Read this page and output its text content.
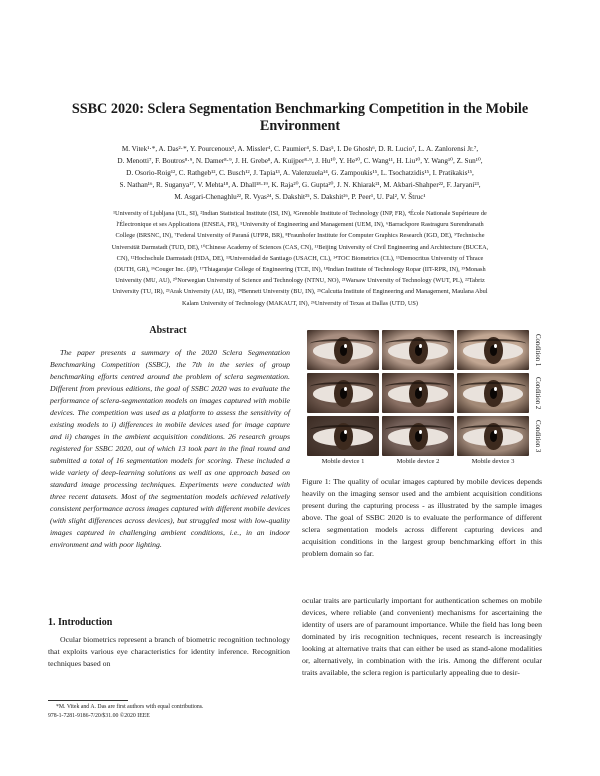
SSBC 2020: Sclera Segmentation Benchmarking Competition in the Mobile
Environment
M. Vitek¹·*, A. Das²·*, Y. Pourcenoux³, A. Missler⁴, C. Paumier⁴, S. Das⁵, I. De Ghosh⁶, D. R. Lucio⁷, L. A. Zanlorensi Jr.⁷,
D. Menotti⁷, F. Boutros⁸·⁹, N. Damer⁸·⁹, J. H. Grebe⁸, A. Kuijper⁸·⁹, J. Hu¹⁰, Y. He¹⁰, C. Wang¹¹, H. Liu¹⁰, Y. Wang¹⁰, Z. Sun¹⁰,
D. Osorio-Roig¹², C. Rathgeb¹², C. Busch¹², J. Tapia¹³, A. Valenzuela¹⁴, G. Zampoukis¹⁵, L. Tsochatzidis¹⁵, I. Pratikakis¹⁵,
S. Nathan¹⁶, R. Suganya¹⁷, V. Mehta¹⁸, A. Dhall¹⁸·¹⁹, K. Raja²⁰, G. Gupta²⁰, J. N. Khiarak²¹, M. Akbari-Shahper²², F. Jaryani²³,
M. Asgari-Chenaghlu²², R. Vyas²⁴, S. Dakshit²⁵, S. Dakshit²⁶, P. Peer¹, U. Pal², V. Štruc¹
¹University of Ljubljana (UL, SI), ²Indian Statistical Institute (ISI, IN), ³Grenoble Institute of Technology (INP, FR), ⁴École Nationale Supérieure de
l'Électronique et ses Applications (ENSEA, FR), ⁵University of Engineering and Management (UEM, IN), ⁶Barrackpore Rastraguru Surendranath
College (BRSNC, IN), ⁷Federal University of Paraná (UFPR, BR), ⁸Fraunhofer Institute for Computer Graphics Research (IGD, DE), ⁹Technische
Universität Darmstadt (TUD, DE), ¹⁰Chinese Academy of Sciences (CAS, CN), ¹¹Beijing University of Civil Engineering and Architecture (BUCEA,
CN), ¹²Hochschule Darmstadt (HDA, DE), ¹³Universidad de Santiago (USACH, CL), ¹⁴TOC Biometrics (CL), ¹⁵Democritus University of Thrace
(DUTH, GR), ¹⁶Couger Inc. (JP), ¹⁷Thiagarajar College of Engineering (TCE, IN), ¹⁸Indian Institute of Technology Ropar (IIT-RPR, IN), ¹⁹Monash
University (MU, AU), ²⁰Norwegian University of Science and Technology (NTNU, NO), ²¹Warsaw University of Technology (WUT, PL), ²²Tabriz
University (TU, IR), ²³Arak University (AU, IR), ²⁴Bennett University (BU, IN), ²⁵Calcutta Institute of Engineering and Management, Maulana Abul
Kalam University of Technology (MAKAUT, IN), ²⁶University of Texas at Dallas (UTD, US)
Abstract
The paper presents a summary of the 2020 Sclera Segmentation Benchmarking Competition (SSBC), the 7th in the series of group benchmarking efforts centred around the problem of sclera segmentation. Different from previous editions, the goal of SSBC 2020 was to evaluate the performance of sclera-segmentation models on images captured with mobile devices. The competition was used as a platform to assess the sensitivity of existing models to i) differences in mobile devices used for image capture and ii) changes in the ambient acquisition conditions. 26 research groups registered for SSBC 2020, out of which 13 took part in the final round and submitted a total of 16 segmentation models for scoring. These included a wide variety of deep-learning solutions as well as one approach based on standard image processing techniques. Experiments were conducted with three recent datasets. Most of the segmentation models achieved relatively consistent performance across images captured with different mobile devices (with slight differences across devices), but struggled most with low-quality images captured in challenging ambient conditions, i.e., in an indoor environment and with poor lighting.
1. Introduction
Ocular biometrics represent a branch of biometric recognition technology that exploits various eye characteristics for identity inference. Recognition techniques based on
*M. Vitek and A. Das are first authors with equal contributions.
978-1-7281-9186-7/20/$31.00 ©2020 IEEE
Condition 1
Condition 2
Condition 3
Mobile device 1	Mobile device 2	Mobile device 3
Figure 1: The quality of ocular images captured by mobile devices depends heavily on the imaging sensor used and the ambient acquisition conditions present during the capturing process - as illustrated by the sample images above. The goal of SSBC 2020 is to evaluate the performance of different sclera segmentation models across different capturing devices and acquisition conditions in the largest group benchmarking effort in this problem domain so far.
ocular traits are particularly important for authentication schemes on mobile devices, where reliable (and convenient) mechanisms for ascertaining the identity of users are of paramount importance. While the field has long been dominated by iris recognition techniques, recent research is increasingly looking at alternative traits that can either be used as stand-alone modalities or, alternatively, in combination with the iris. Among the different ocular traits available, the sclera region is particularly appealing due to desir-
